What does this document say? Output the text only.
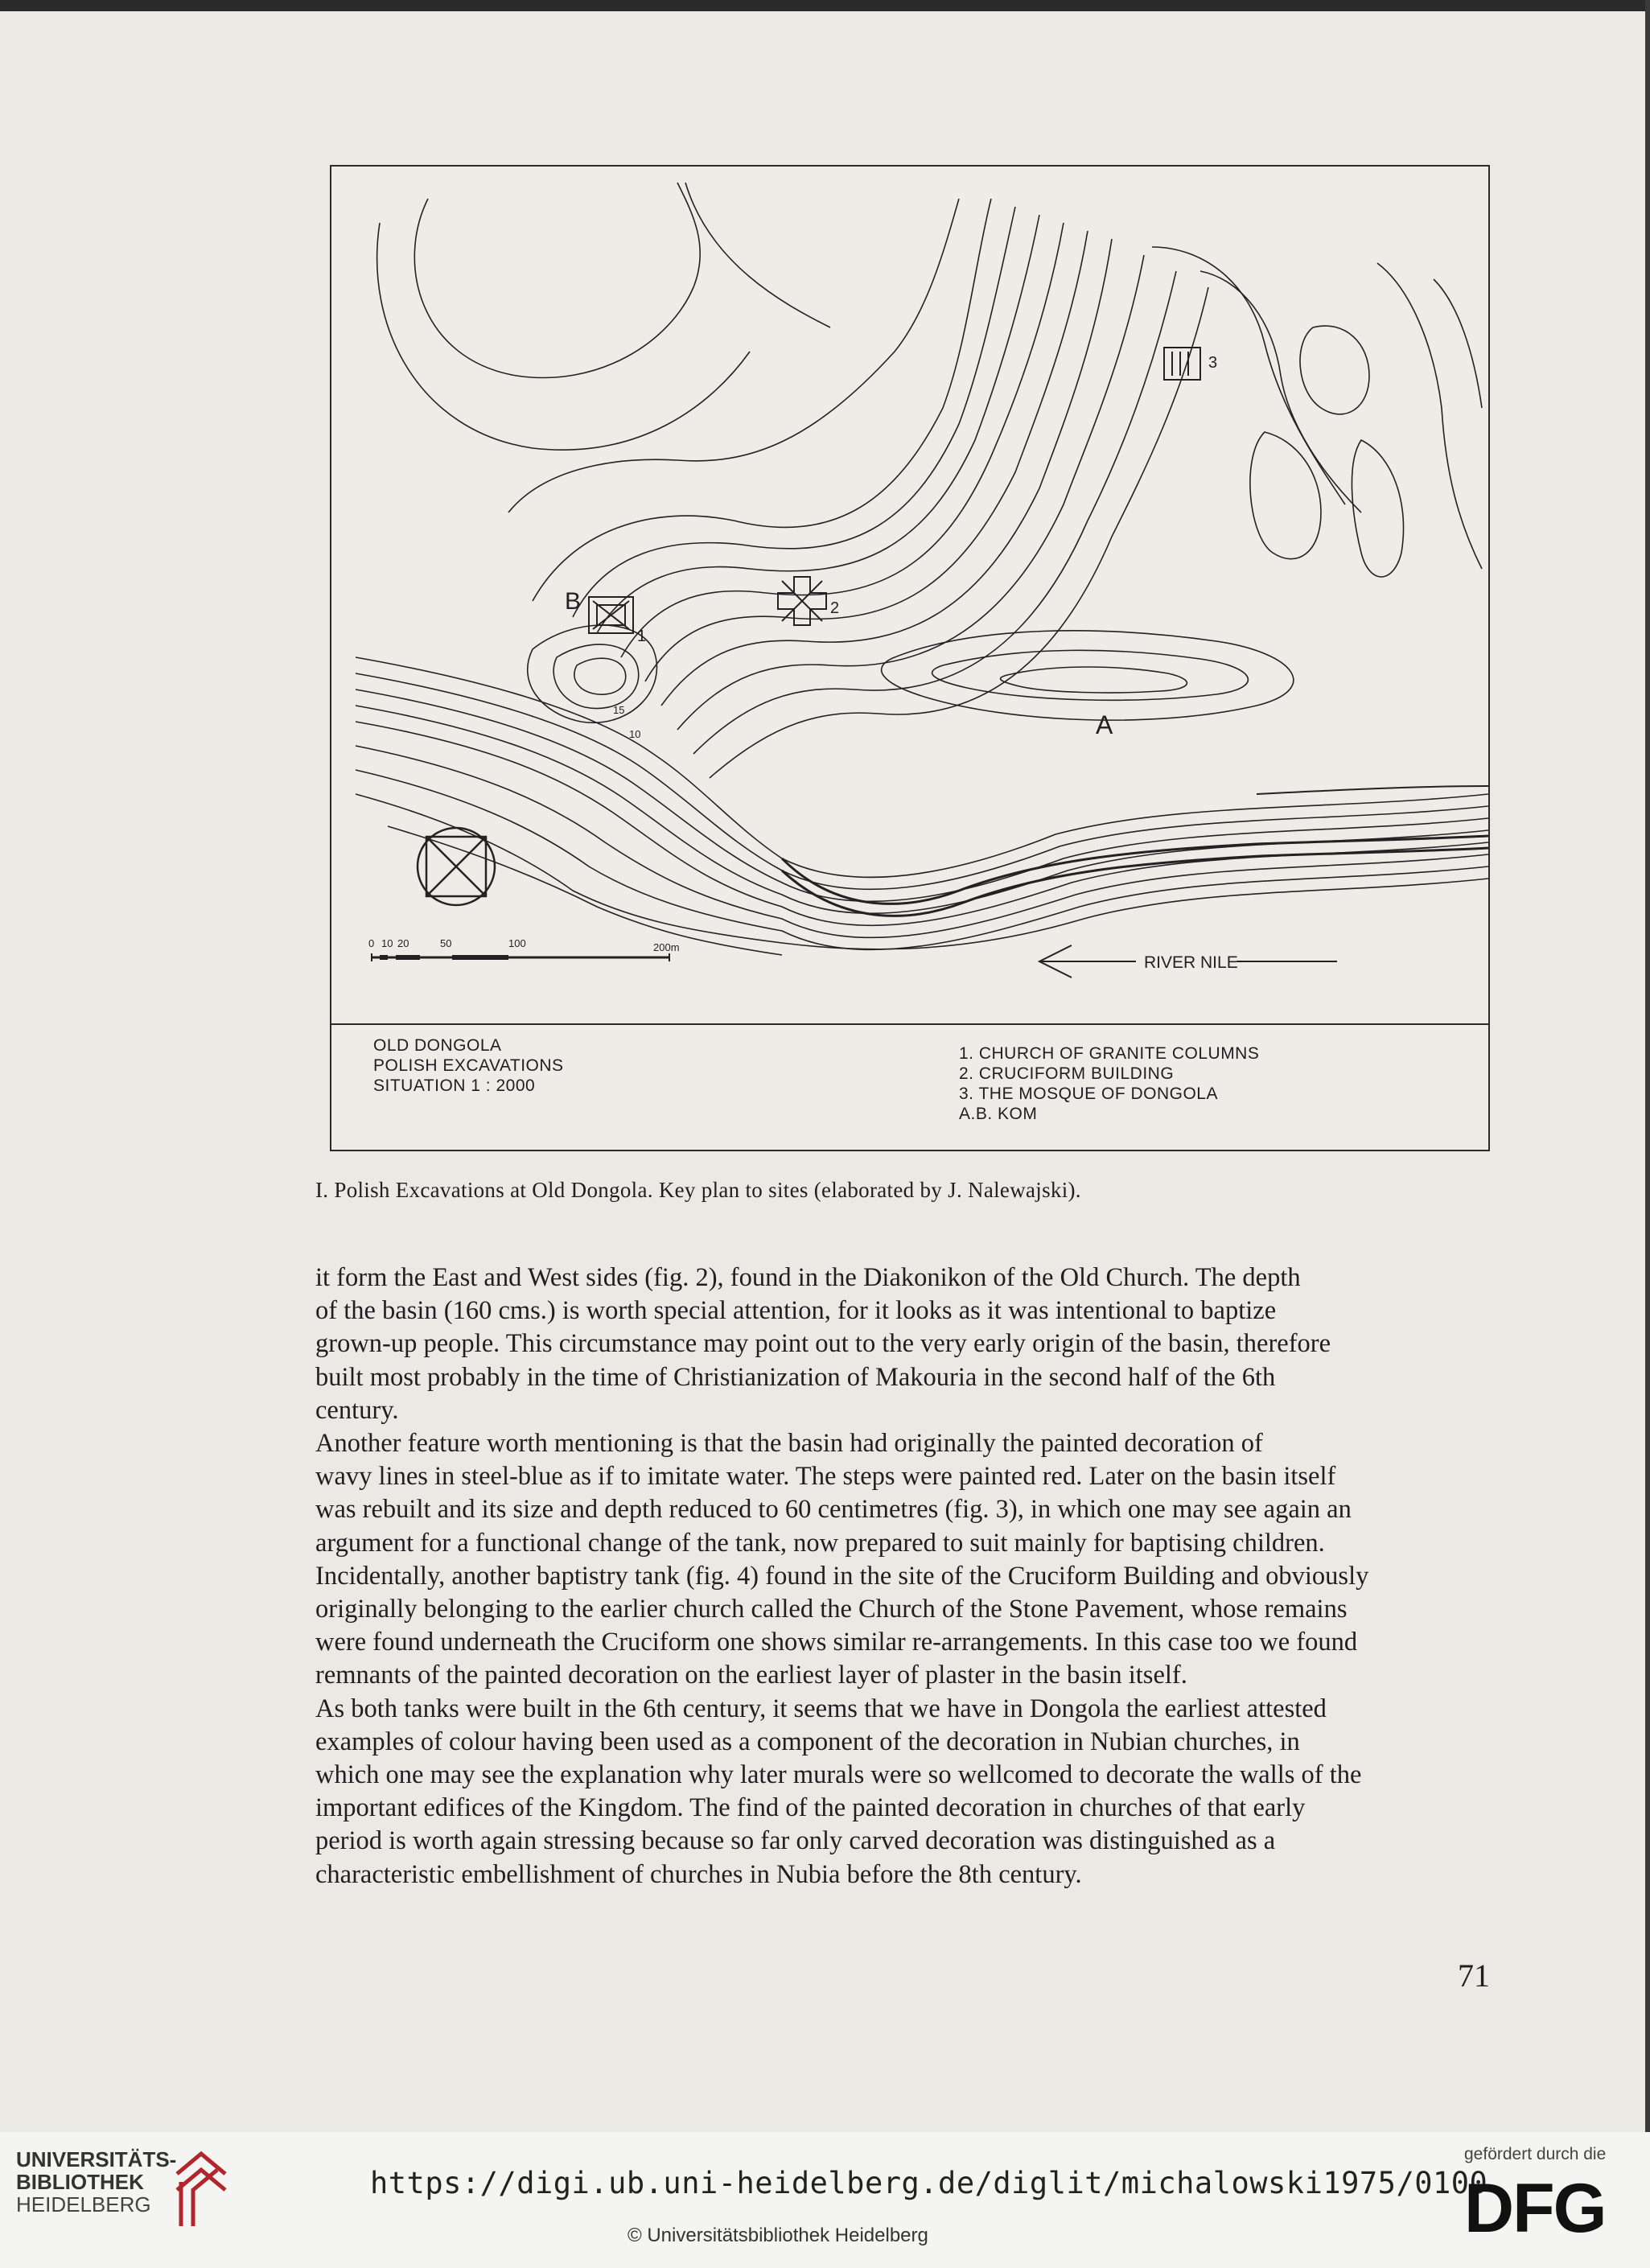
15
10
B
1
2
3
A
0 10 20	50	100	200m
RIVER NILE
OLD DONGOLA
POLISH EXCAVATIONS
SITUATION 1 : 2000
1. CHURCH OF GRANITE COLUMNS
2. CRUCIFORM BUILDING
3. THE MOSQUE OF DONGOLA
A.B. KOM
I. Polish Excavations at Old Dongola. Key plan to sites (elaborated by J. Nalewajski).

it form the East and West sides (fig. 2), found in the Diakonikon of the Old Church. The depth

of the basin (160 cms.) is worth special attention, for it looks as it was intentional to baptize

grown-up people. This circumstance may point out to the very early origin of the basin, therefore

built most probably in the time of Christianization of Makouria in the second half of the 6th

century.

Another feature worth mentioning is that the basin had originally the painted decoration of

wavy lines in steel-blue as if to imitate water. The steps were painted red. Later on the basin itself

was rebuilt and its size and depth reduced to 60 centimetres (fig. 3), in which one may see again an

argument for a functional change of the tank, now prepared to suit mainly for baptising children.

Incidentally, another baptistry tank (fig. 4) found in the site of the Cruciform Building and obviously

originally belonging to the earlier church called the Church of the Stone Pavement, whose remains

were found underneath the Cruciform one shows similar re-arrangements. In this case too we found

remnants of the painted decoration on the earliest layer of plaster in the basin itself.

As both tanks were built in the 6th century, it seems that we have in Dongola the earliest attested

examples of colour having been used as a component of the decoration in Nubian churches, in

which one may see the explanation why later murals were so wellcomed to decorate the walls of the

important edifices of the Kingdom. The find of the painted decoration in churches of that early

period is worth again stressing because so far only carved decoration was distinguished as a

characteristic embellishment of churches in Nubia before the 8th century.

71
UNIVERSITÄTS-
BIBLIOTHEK
HEIDELBERG
https://digi.ub.uni-heidelberg.de/diglit/michalowski1975/0100
© Universitätsbibliothek Heidelberg
gefördert durch die
DFG
